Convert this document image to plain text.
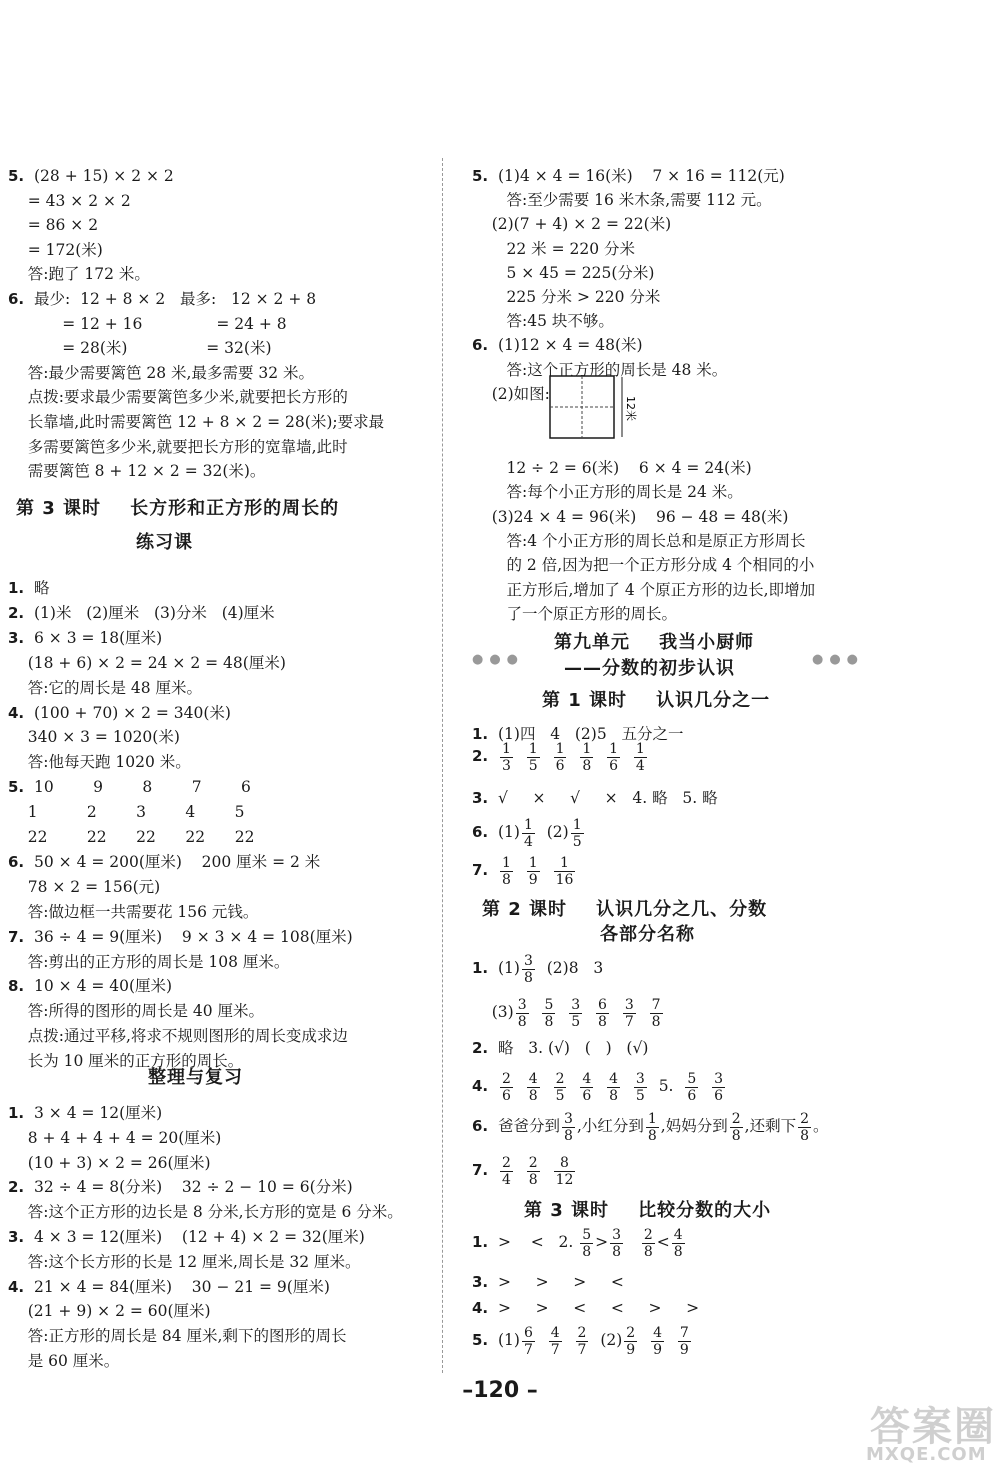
5. (28 + 15) × 2 × 2
= 43 × 2 × 2
= 86 × 2
= 172(米)
答:跑了 172 米。
6. 最少:  12 + 8 × 2   最多:   12 × 2 + 8
= 12 + 16               = 24 + 8
= 28(米)                = 32(米)
答:最少需要篱笆 28 米,最多需要 32 米。
点拨:要求最少需要篱笆多少米,就要把长方形的
长靠墙,此时需要篱笆 12 + 8 × 2 = 28(米);要求最
多需要篱笆多少米,就要把长方形的宽靠墙,此时
需要篱笆 8 + 12 × 2 = 32(米)。
第 3 课时    长方形和正方形的周长的
练习课
1. 略
2. (1)米   (2)厘米   (3)分米   (4)厘米
3. 6 × 3 = 18(厘米)
(18 + 6) × 2 = 24 × 2 = 48(厘米)
答:它的周长是 48 厘米。
4. (100 + 70) × 2 = 340(米)
340 × 3 = 1020(米)
答:他每天跑 1020 米。
5. 10        9        8        7        6
1          2        3        4        5
22        22      22      22      22
6. 50 × 4 = 200(厘米)    200 厘米 = 2 米
78 × 2 = 156(元)
答:做边框一共需要花 156 元钱。
7. 36 ÷ 4 = 9(厘米)    9 × 3 × 4 = 108(厘米)
答:剪出的正方形的周长是 108 厘米。
8. 10 × 4 = 40(厘米)
答:所得的图形的周长是 40 厘米。
点拨:通过平移,将求不规则图形的周长变成求边
长为 10 厘米的正方形的周长。
整理与复习
1. 3 × 4 = 12(厘米)
8 + 4 + 4 + 4 = 20(厘米)
(10 + 3) × 2 = 26(厘米)
2. 32 ÷ 4 = 8(分米)    32 ÷ 2 − 10 = 6(分米)
答:这个正方形的边长是 8 分米,长方形的宽是 6 分米。
3. 4 × 3 = 12(厘米)    (12 + 4) × 2 = 32(厘米)
答:这个长方形的长是 12 厘米,周长是 32 厘米。
4. 21 × 4 = 84(厘米)    30 − 21 = 9(厘米)
(21 + 9) × 2 = 60(厘米)
答:正方形的周长是 84 厘米,剩下的图形的周长
是 60 厘米。
5. (1)4 × 4 = 16(米)    7 × 16 = 112(元)
答:至少需要 16 米木条,需要 112 元。
(2)(7 + 4) × 2 = 22(米)
22 米 = 220 分米
5 × 45 = 225(分米)
225 分米 > 220 分米
答:45 块不够。
6. (1)12 × 4 = 48(米)
答:这个正方形的周长是 48 米。
(2)如图:
12米
12 ÷ 2 = 6(米)    6 × 4 = 24(米)
答:每个小正方形的周长是 24 米。
(3)24 × 4 = 96(米)    96 − 48 = 48(米)
答:4 个小正方形的周长总和是原正方形周长
的 2 倍,因为把一个正方形分成 4 个相同的小
正方形后,增加了 4 个原正方形的边长,即增加
了一个原正方形的周长。
●●●	●●●
第九单元    我当小厨师
——分数的初步认识
第 1 课时    认识几分之一
1. (1)四   4   (2)5   五分之一
2. $\frac{1}{3}$
$\frac{1}{5}$
$\frac{1}{6}$
$\frac{1}{8}$
$\frac{1}{6}$
$\frac{1}{4}$

3. √     ×     √     ×   4. 略   5. 略
6. $(1) \frac{1}{4} (2) \frac{1}{5}$
7. $\frac{1}{8}$
$\frac{1}{9}$
$\frac{1}{16}$

第 2 课时    认识几分之几、分数
各部分名称
1. $(1) \frac{3}{8} (2)8$   3
$(3) \frac{3}{8}$
$\frac{5}{8}$
$\frac{3}{5}$
$\frac{6}{8}$
$\frac{3}{7}$
$\frac{7}{8}$

2. 略   3. (√)   (   )   (√)
4. $\frac{2}{6}$
$\frac{4}{8}$
$\frac{2}{5}$
$\frac{4}{6}$
$\frac{4}{8}$
$\frac{3}{5} 5$. $\frac{5}{6}$
$\frac{3}{6}$

6. 爸爸分到 $\frac{3}{8}$ ,小红分到 $\frac{1}{8}$ ,妈妈分到 $\frac{2}{8}$ ,还剩下 $\frac{2}{8}$ 。
7. $\frac{2}{4}$
$\frac{2}{8}$
$\frac{8}{12}$

第 3 课时    比较分数的大小
1. >    <   2. $\frac{5}{8} > \frac{3}{8}$
$\frac{2}{8} < \frac{4}{8}$
3. >     >     >     <
4. >     >     <     <     >     >
5. $(1) \frac{6}{7}$
$\frac{4}{7}$
$\frac{2}{7} (2) \frac{2}{9}$
$\frac{4}{9}$
$\frac{7}{9}$

–120 –
答案圈
MXQE.COM
